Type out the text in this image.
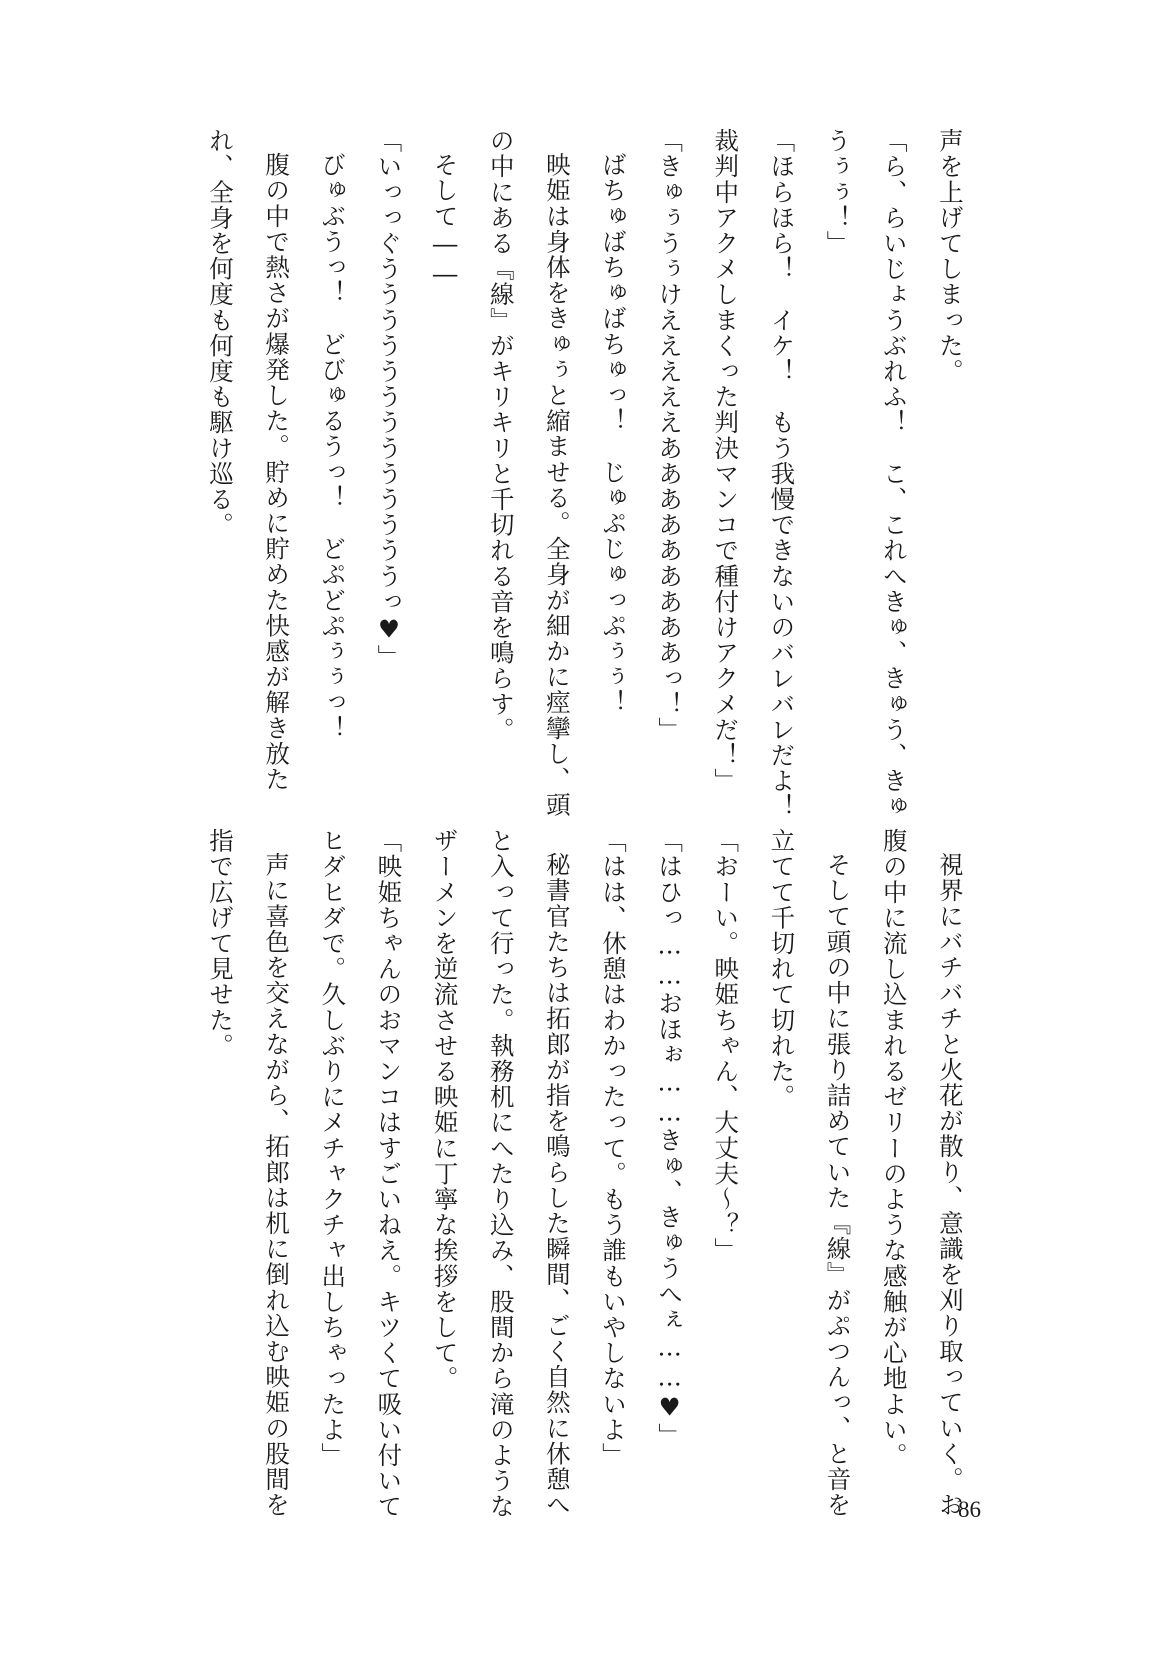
声を上げてしまった。
「ら、らいじょうぶれふ！　こ、これへきゅ、きゅう、きゅ
うぅぅ！」
「ほらほら！　イケ！　もう我慢できないのバレバレだよ！
裁判中アクメしまくった判決マンコで種付けアクメだ！」
「きゅぅうぅけえええええあああああああああっ！」
ばちゅばちゅばちゅっ！　じゅぷじゅっぷぅぅ！
映姫は身体をきゅぅと縮ませる。全身が細かに痙攣し、頭
の中にある『線』がキリキリと千切れる音を鳴らす。
そして――
「いっっぐうううううううううううううっ♥」
びゅぶうっ！　どびゅるうっ！　どぷどぷぅぅっ！
腹の中で熱さが爆発した。貯めに貯めた快感が解き放た
れ、全身を何度も何度も駆け巡る。
視界にバチバチと火花が散り、意識を刈り取っていく。お
腹の中に流し込まれるゼリーのような感触が心地よい。
そして頭の中に張り詰めていた『線』がぷつんっ、と音を
立てて千切れて切れた。
「おーい。映姫ちゃん、大丈夫～？」
「はひっ……おほぉ……きゅ、きゅうへぇ……♥」
「はは、休憩はわかったって。もう誰もいやしないよ」
秘書官たちは拓郎が指を鳴らした瞬間、ごく自然に休憩へ
と入って行った。執務机にへたり込み、股間から滝のような
ザーメンを逆流させる映姫に丁寧な挨拶をして。
「映姫ちゃんのおマンコはすごいねえ。キツくて吸い付いて
ヒダヒダで。久しぶりにメチャクチャ出しちゃったよ」
声に喜色を交えながら、拓郎は机に倒れ込む映姫の股間を
指で広げて見せた。
86
